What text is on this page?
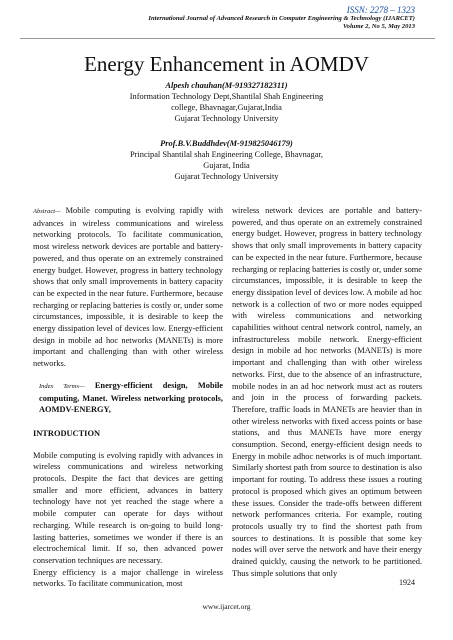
ISSN: 2278 – 1323
International Journal of Advanced Research in Computer Engineering & Technology (IJARCET)
Volume 2, No 5, May 2013
Energy Enhancement in AOMDV
Alpesh chauhan(M-919327182311)
Information Technology Dept,Shantilal Shah Engineering
college, Bhavnagar,Gujarat,India
Gujarat Technology University
Prof.B.V.Buddhdev(M-919825046179)
Principal Shantilal shah Engineering College, Bhavnagar,
Gujarat, India
Gujarat Technology University

Abstract— Mobile computing is evolving rapidly with advances in wireless communications and wireless networking protocols. To facilitate communication, most wireless network devices are portable and battery-powered, and thus operate on an extremely constrained energy budget. However, progress in battery technology shows that only small improvements in battery capacity can be expected in the near future. Furthermore, because recharging or replacing batteries is costly or, under some circumstances, impossible, it is desirable to keep the energy dissipation level of devices low. Energy-efficient design in mobile ad hoc networks (MANETs) is more important and challenging than with other wireless networks.

Index Terms— Energy-efficient design, Mobile computing, Manet. Wireless networking protocols, AOMDV-ENERGY,

INTRODUCTION

Mobile computing is evolving rapidly with advances in wireless communications and wireless networking protocols. Despite the fact that devices are getting smaller and more efficient, advances in battery technology have not yet reached the stage where a mobile computer can operate for days without recharging. While research is on-going to build long-lasting batteries, sometimes we wonder if there is an electrochemical limit. If so, then advanced power conservation techniques are necessary.

Energy efficiency is a major challenge in wireless networks. To facilitate communication, most

wireless network devices are portable and battery-powered, and thus operate on an extremely constrained energy budget. However, progress in battery technology shows that only small improvements in battery capacity can be expected in the near future. Furthermore, because recharging or replacing batteries is costly or, under some circumstances, impossible, it is desirable to keep the energy dissipation level of devices low. A mobile ad hoc network is a collection of two or more nodes equipped with wireless communications and networking capabilities without central network control, namely, an infrastructureless mobile network. Energy-efficient design in mobile ad hoc networks (MANETs) is more important and challenging than with other wireless networks. First, due to the absence of an infrastructure, mobile nodes in an ad hoc network must act as routers and join in the process of forwarding packets. Therefore, traffic loads in MANETs are heavier than in other wireless networks with fixed access points or base stations, and thus MANETs have more energy consumption. Second, energy-efficient design needs to Energy in mobile adhoc networks is of much important. Similarly shortest path from source to destination is also important for routing. To address these issues a routing protocol is proposed which gives an optimum between these issues. Consider the trade-offs between different network performances criteria. For example, routing protocols usually try to find the shortest path from sources to destinations. It is possible that some key nodes will over serve the network and have their energy drained quickly, causing the network to be partitioned. Thus simple solutions that only

1924
www.ijarcet.org
